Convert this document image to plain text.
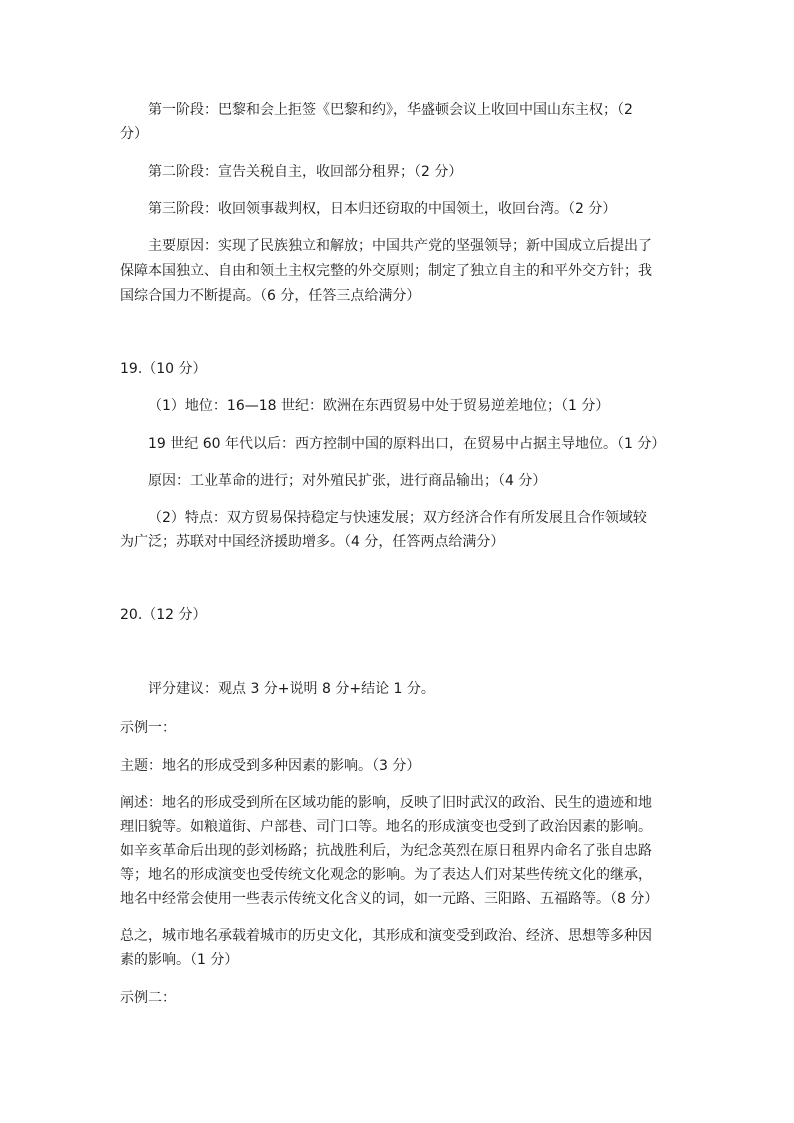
第一阶段：巴黎和会上拒签《巴黎和约》，华盛顿会议上收回中国山东主权；（2
分）
第二阶段：宣告关税自主，收回部分租界；（2 分）
第三阶段：收回领事裁判权，日本归还窃取的中国领土，收回台湾。（2 分）
主要原因：实现了民族独立和解放；中国共产党的坚强领导；新中国成立后提出了
保障本国独立、自由和领土主权完整的外交原则；制定了独立自主的和平外交方针；我
国综合国力不断提高。（6 分，任答三点给满分）
19.（10 分）
（1）地位：16—18 世纪：欧洲在东西贸易中处于贸易逆差地位；（1 分）
19 世纪 60 年代以后：西方控制中国的原料出口，在贸易中占据主导地位。（1 分）
原因：工业革命的进行；对外殖民扩张，进行商品输出；（4 分）
（2）特点：双方贸易保持稳定与快速发展；双方经济合作有所发展且合作领域较
为广泛；苏联对中国经济援助增多。（4 分，任答两点给满分）
20.（12 分）
评分建议：观点 3 分+说明 8 分+结论 1 分。
示例一：
主题：地名的形成受到多种因素的影响。（3 分）
阐述：地名的形成受到所在区域功能的影响，反映了旧时武汉的政治、民生的遗迹和地
理旧貌等。如粮道街、户部巷、司门口等。地名的形成演变也受到了政治因素的影响。
如辛亥革命后出现的彭刘杨路；抗战胜利后，为纪念英烈在原日租界内命名了张自忠路
等；地名的形成演变也受传统文化观念的影响。为了表达人们对某些传统文化的继承，
地名中经常会使用一些表示传统文化含义的词，如一元路、三阳路、五福路等。（8 分）
总之，城市地名承载着城市的历史文化，其形成和演变受到政治、经济、思想等多种因
素的影响。（1 分）
示例二：
